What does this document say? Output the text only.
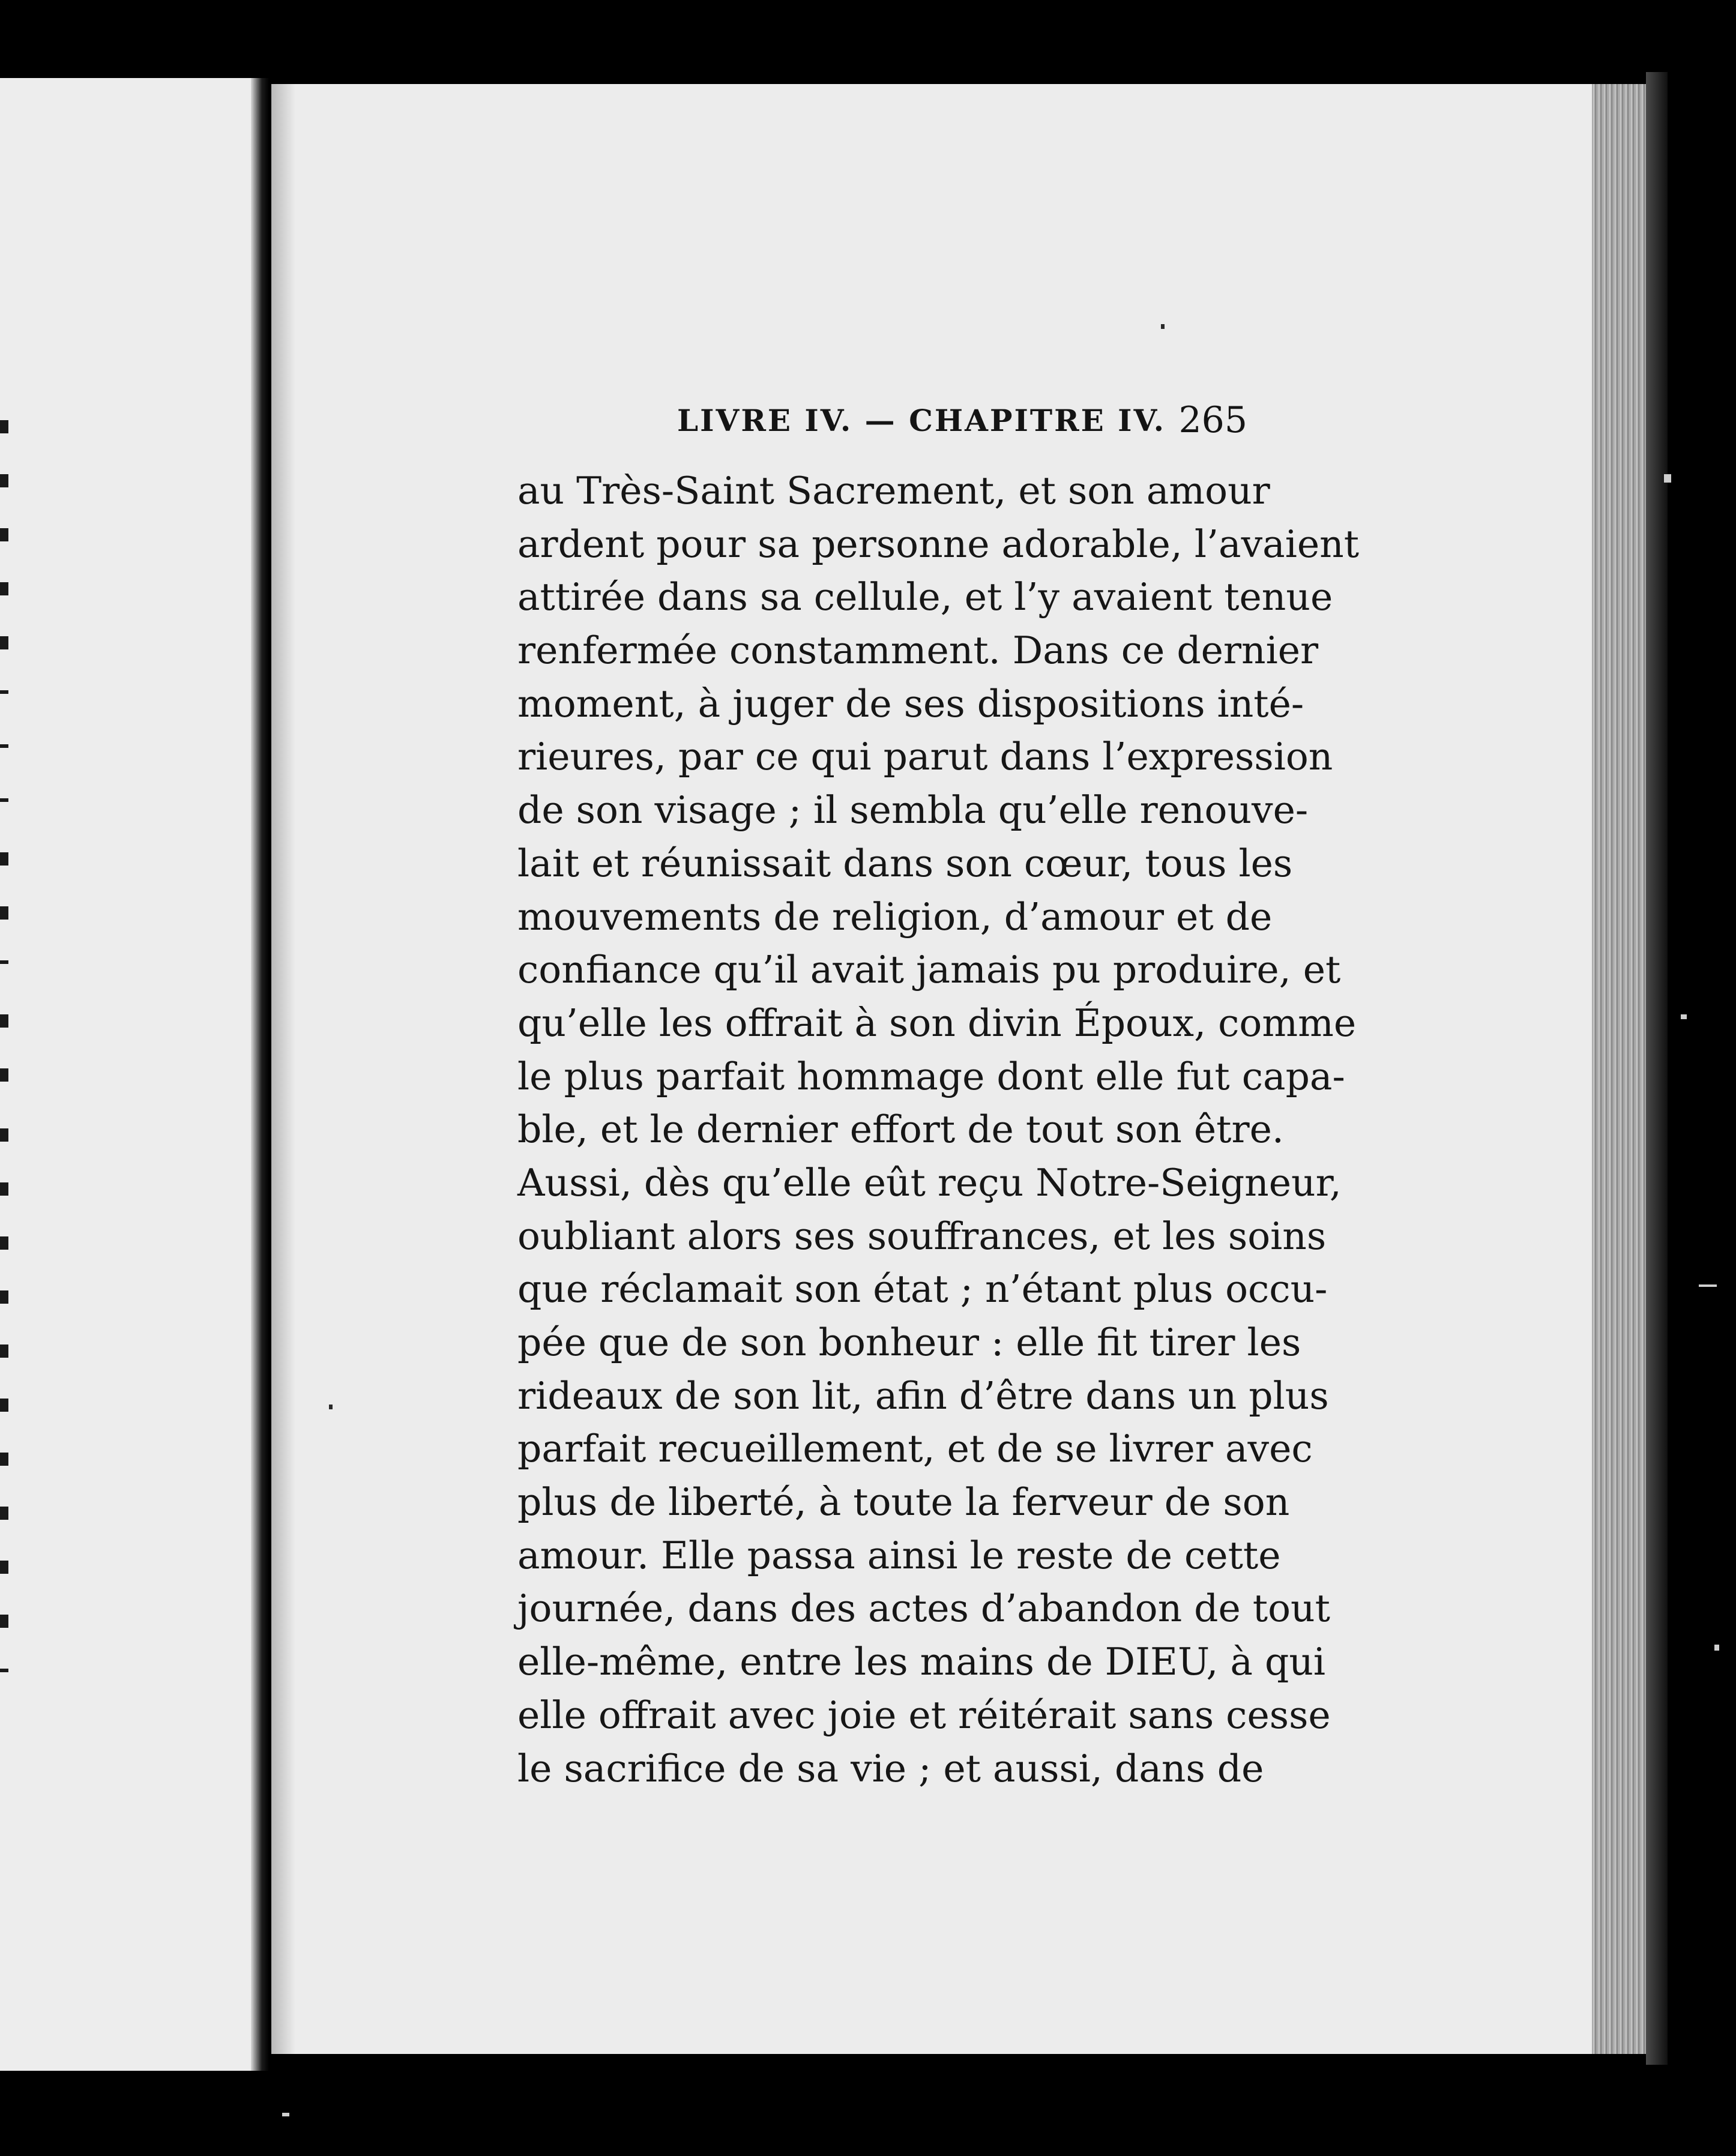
LIVRE IV. — CHAPITRE IV. 265
au Très-Saint Sacrement, et son amour
ardent pour sa personne adorable, l’avaient
attirée dans sa cellule, et l’y avaient tenue
renfermée constamment. Dans ce dernier
moment, à juger de ses dispositions inté-
rieures, par ce qui parut dans l’expression
de son visage ; il sembla qu’elle renouve-
lait et réunissait dans son cœur, tous les
mouvements de religion, d’amour et de
confiance qu’il avait jamais pu produire, et
qu’elle les offrait à son divin Époux, comme
le plus parfait hommage dont elle fut capa-
ble, et le dernier effort de tout son être.
Aussi, dès qu’elle eût reçu Notre-Seigneur,
oubliant alors ses souffrances, et les soins
que réclamait son état ; n’étant plus occu-
pée que de son bonheur : elle fit tirer les
rideaux de son lit, afin d’être dans un plus
parfait recueillement, et de se livrer avec
plus de liberté, à toute la ferveur de son
amour. Elle passa ainsi le reste de cette
journée, dans des actes d’abandon de tout
elle-même, entre les mains de DIEU, à qui
elle offrait avec joie et réitérait sans cesse
le sacrifice de sa vie ; et aussi, dans de
